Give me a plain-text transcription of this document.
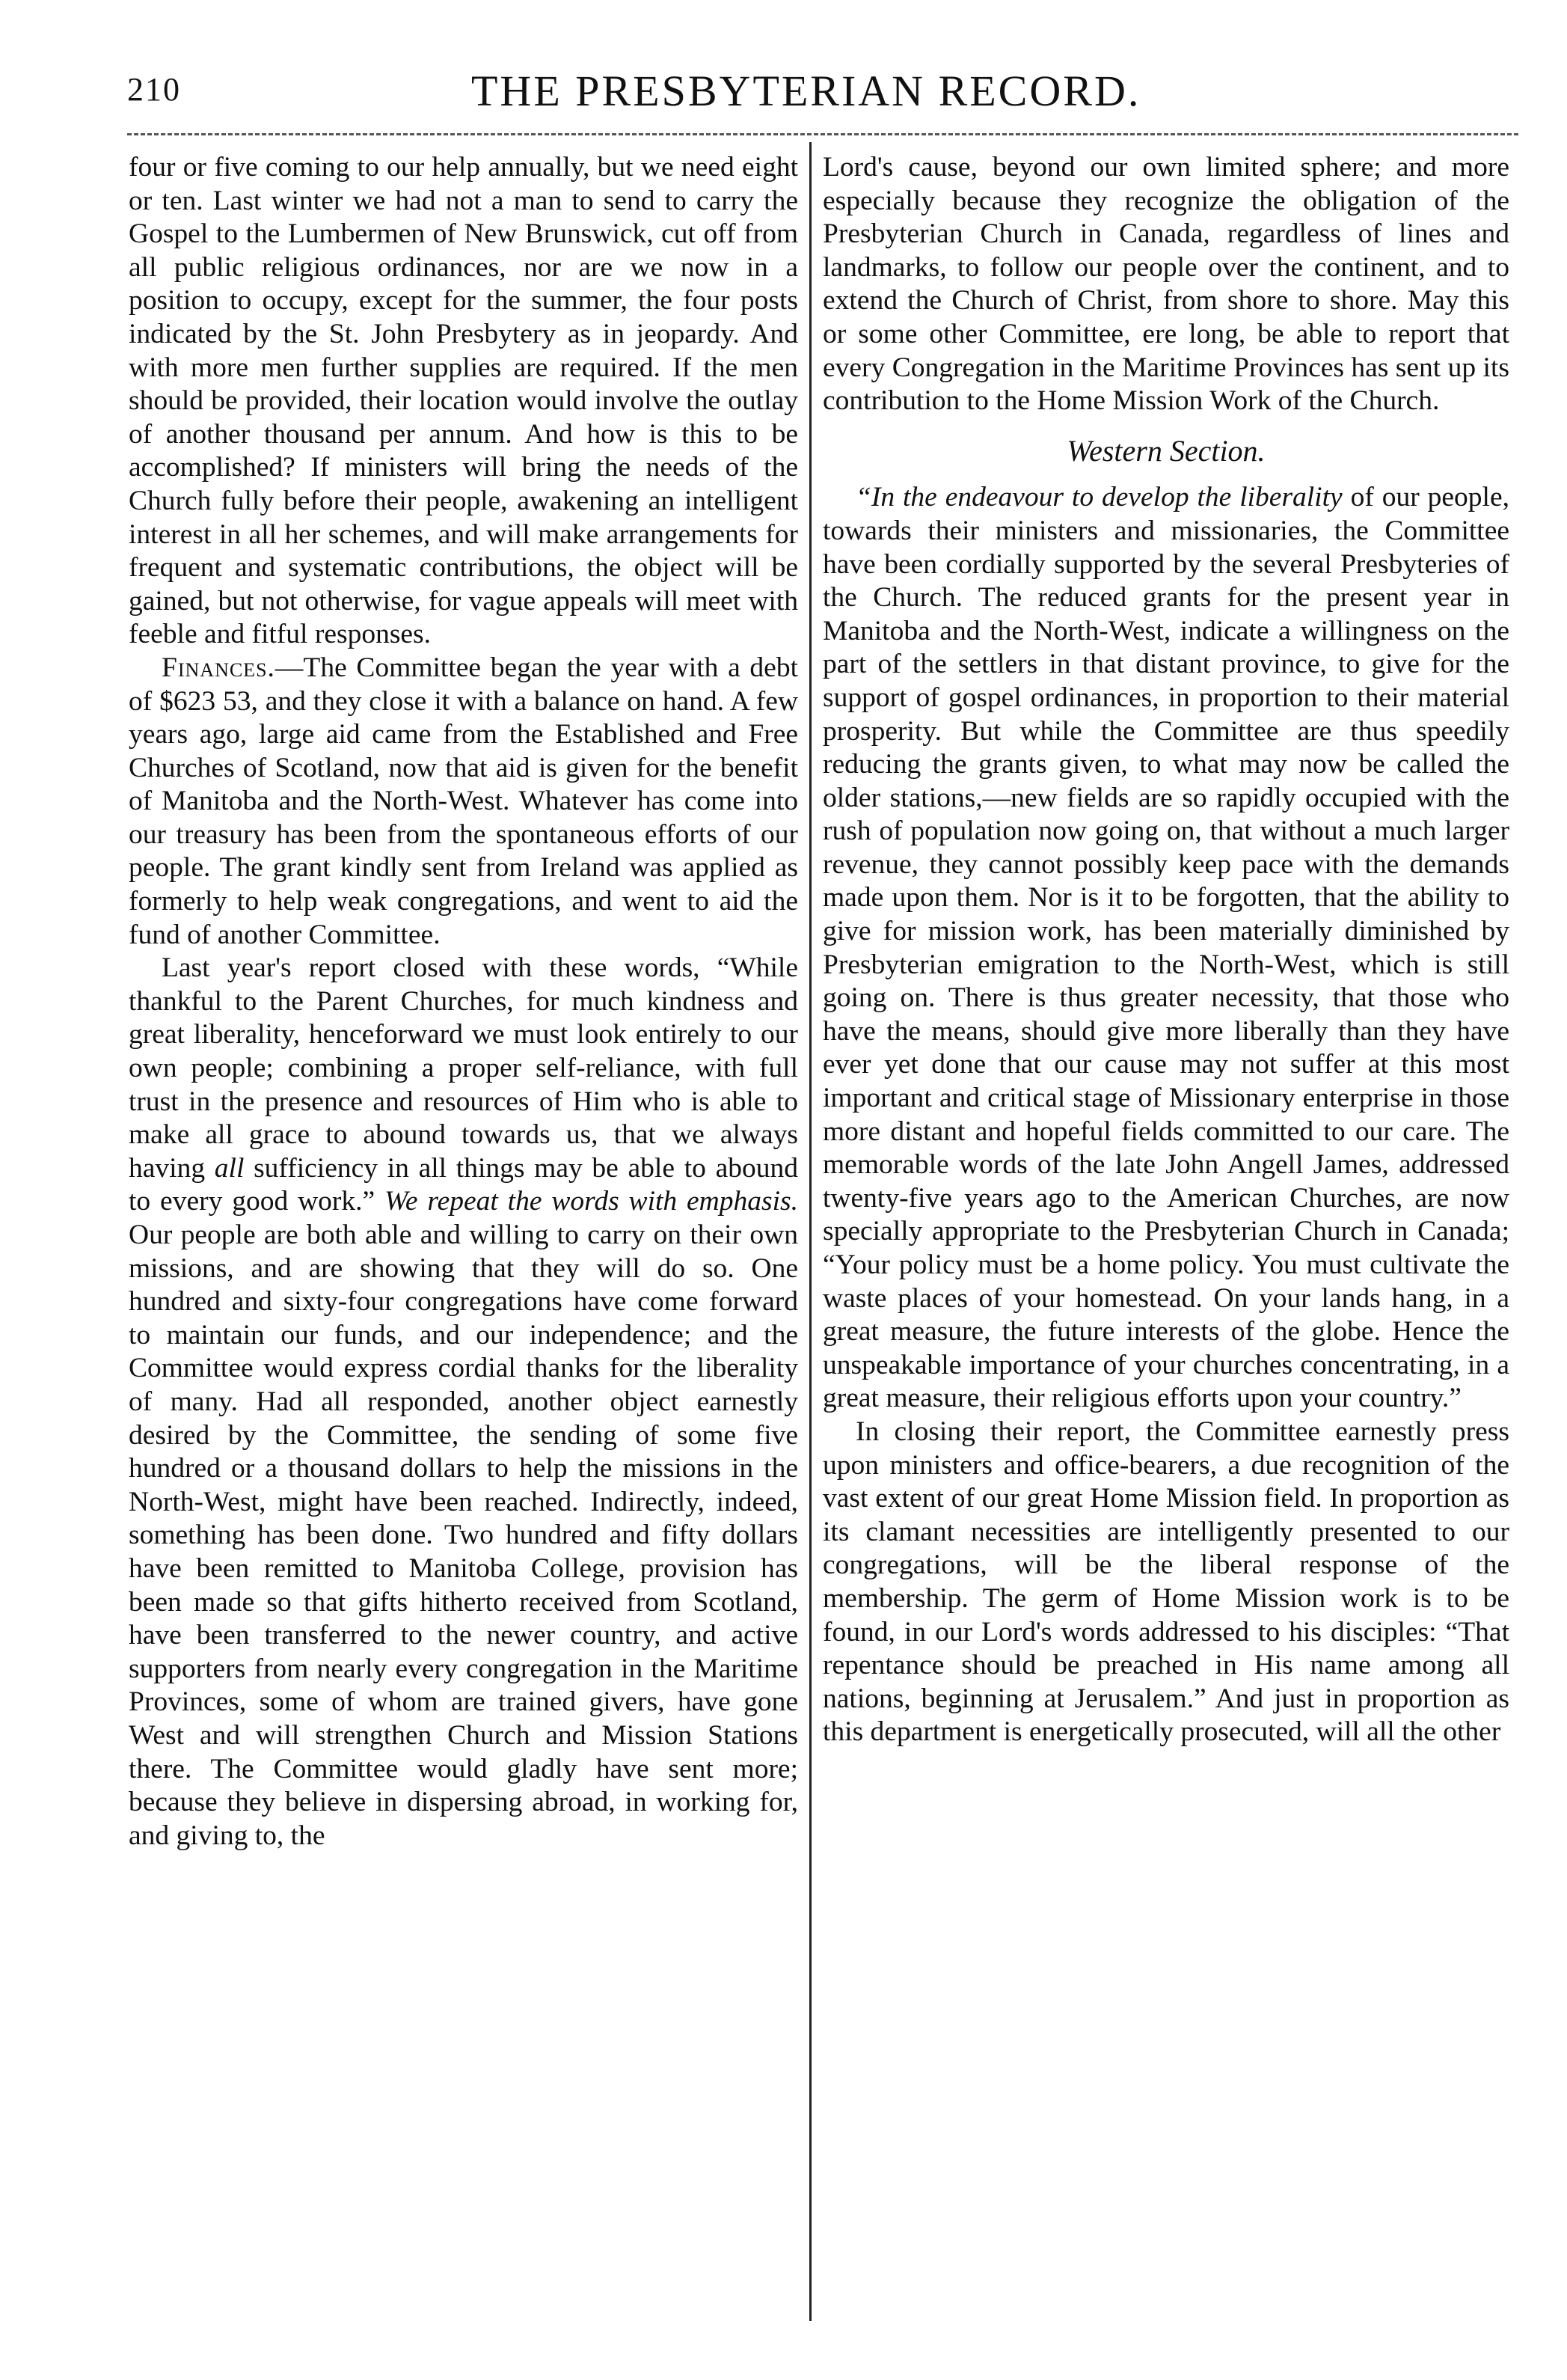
210	THE PRESBYTERIAN RECORD.

four or five coming to our help annually, but we need eight or ten. Last winter we had not a man to send to carry the Gospel to the Lumbermen of New Brunswick, cut off from all public religious ordinances, nor are we now in a position to occupy, except for the summer, the four posts indicated by the St. John Presbytery as in jeopardy. And with more men further supplies are required. If the men should be provided, their location would involve the outlay of another thousand per annum. And how is this to be accomplished? If ministers will bring the needs of the Church fully before their people, awakening an intelligent interest in all her schemes, and will make arrangements for frequent and systematic contributions, the object will be gained, but not otherwise, for vague appeals will meet with feeble and fitful responses.

Finances.—The Committee began the year with a debt of $623 53, and they close it with a balance on hand. A few years ago, large aid came from the Established and Free Churches of Scotland, now that aid is given for the benefit of Manitoba and the North-West. Whatever has come into our treasury has been from the spontaneous efforts of our people. The grant kindly sent from Ireland was applied as formerly to help weak congregations, and went to aid the fund of another Committee.

Last year's report closed with these words, “While thankful to the Parent Churches, for much kindness and great liberality, henceforward we must look entirely to our own people; combining a proper self-reliance, with full trust in the presence and resources of Him who is able to make all grace to abound towards us, that we always having all sufficiency in all things may be able to abound to every good work.” We repeat the words with emphasis. Our people are both able and willing to carry on their own missions, and are showing that they will do so. One hundred and sixty-four congregations have come forward to maintain our funds, and our independence; and the Committee would express cordial thanks for the liberality of many. Had all responded, another object earnestly desired by the Committee, the sending of some five hundred or a thousand dollars to help the missions in the North-West, might have been reached. Indirectly, indeed, something has been done. Two hundred and fifty dollars have been remitted to Manitoba College, provision has been made so that gifts hitherto received from Scotland, have been transferred to the newer country, and active supporters from nearly every congregation in the Maritime Provinces, some of whom are trained givers, have gone West and will strengthen Church and Mission Stations there. The Committee would gladly have sent more; because they believe in dispersing abroad, in working for, and giving to, the

Lord's cause, beyond our own limited sphere; and more especially because they recognize the obligation of the Presbyterian Church in Canada, regardless of lines and landmarks, to follow our people over the continent, and to extend the Church of Christ, from shore to shore. May this or some other Committee, ere long, be able to report that every Congregation in the Maritime Provinces has sent up its contribution to the Home Mission Work of the Church.

Western Section.

“In the endeavour to develop the liberality of our people, towards their ministers and missionaries, the Committee have been cordially supported by the several Presbyteries of the Church. The reduced grants for the present year in Manitoba and the North-West, indicate a willingness on the part of the settlers in that distant province, to give for the support of gospel ordinances, in proportion to their material prosperity. But while the Committee are thus speedily reducing the grants given, to what may now be called the older stations,—new fields are so rapidly occupied with the rush of population now going on, that without a much larger revenue, they cannot possibly keep pace with the demands made upon them. Nor is it to be forgotten, that the ability to give for mission work, has been materially diminished by Presbyterian emigration to the North-West, which is still going on. There is thus greater necessity, that those who have the means, should give more liberally than they have ever yet done that our cause may not suffer at this most important and critical stage of Missionary enterprise in those more distant and hopeful fields committed to our care. The memorable words of the late John Angell James, addressed twenty-five years ago to the American Churches, are now specially appropriate to the Presbyterian Church in Canada; “Your policy must be a home policy. You must cultivate the waste places of your homestead. On your lands hang, in a great measure, the future interests of the globe. Hence the unspeakable importance of your churches concentrating, in a great measure, their religious efforts upon your country.”

In closing their report, the Committee earnestly press upon ministers and office-bearers, a due recognition of the vast extent of our great Home Mission field. In proportion as its clamant necessities are intelligently presented to our congregations, will be the liberal response of the membership. The germ of Home Mission work is to be found, in our Lord's words addressed to his disciples: “That repentance should be preached in His name among all nations, beginning at Jerusalem.” And just in proportion as this department is energetically prosecuted, will all the other
